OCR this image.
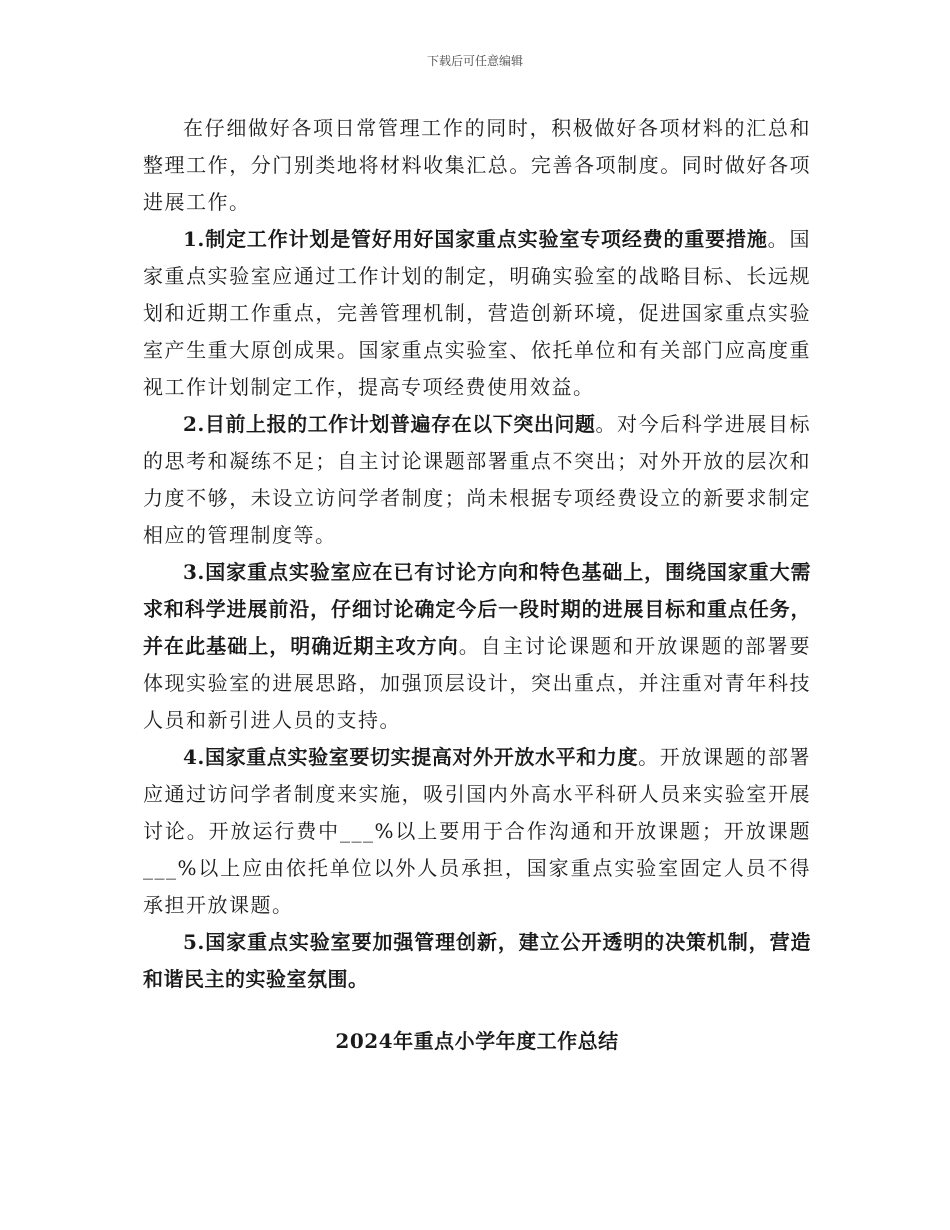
下载后可任意编辑

在仔细做好各项日常管理工作的同时，积极做好各项材料的汇总和整理工作，分门别类地将材料收集汇总。完善各项制度。同时做好各项进展工作。

1.制定工作计划是管好用好国家重点实验室专项经费的重要措施。国家重点实验室应通过工作计划的制定，明确实验室的战略目标、长远规划和近期工作重点，完善管理机制，营造创新环境，促进国家重点实验室产生重大原创成果。国家重点实验室、依托单位和有关部门应高度重视工作计划制定工作，提高专项经费使用效益。

2.目前上报的工作计划普遍存在以下突出问题。对今后科学进展目标的思考和凝练不足；自主讨论课题部署重点不突出；对外开放的层次和力度不够，未设立访问学者制度；尚未根据专项经费设立的新要求制定相应的管理制度等。

3.国家重点实验室应在已有讨论方向和特色基础上，围绕国家重大需求和科学进展前沿，仔细讨论确定今后一段时期的进展目标和重点任务，并在此基础上，明确近期主攻方向。自主讨论课题和开放课题的部署要体现实验室的进展思路，加强顶层设计，突出重点，并注重对青年科技人员和新引进人员的支持。

4.国家重点实验室要切实提高对外开放水平和力度。开放课题的部署应通过访问学者制度来实施，吸引国内外高水平科研人员来实验室开展讨论。开放运行费中___%以上要用于合作沟通和开放课题；开放课题___%以上应由依托单位以外人员承担，国家重点实验室固定人员不得承担开放课题。

5.国家重点实验室要加强管理创新，建立公开透明的决策机制，营造和谐民主的实验室氛围。

2024年重点小学年度工作总结
